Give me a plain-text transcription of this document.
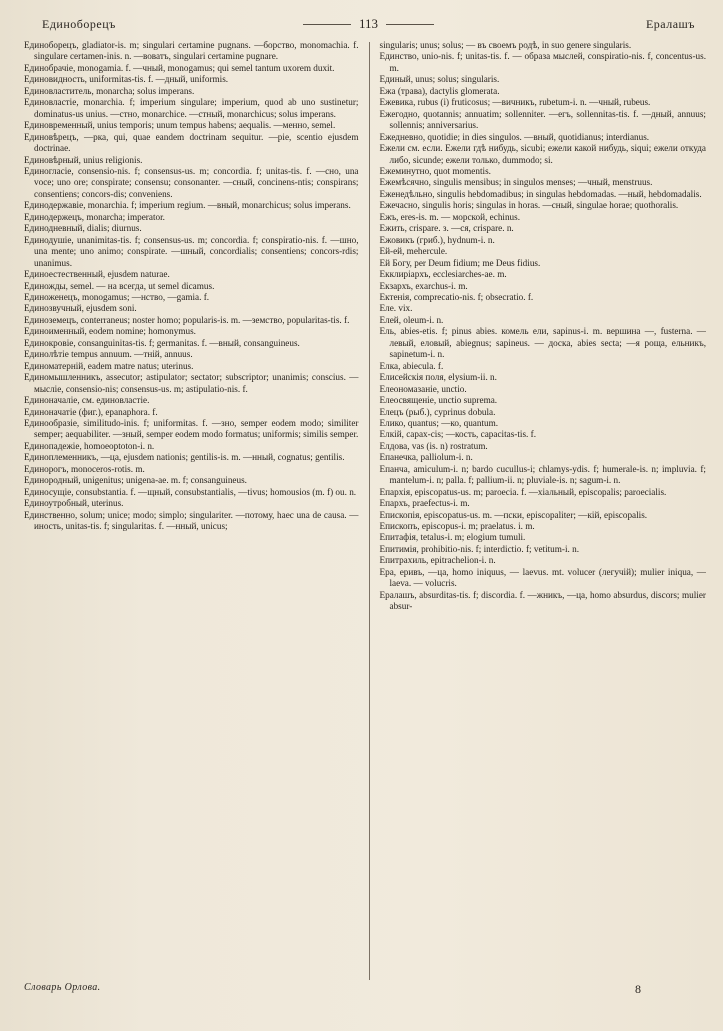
Единоборецъ	113	Ералашъ

Единоборецъ, gladiator-is. m; singulari certamine pugnans. —борство, monomachia. f. singulare certamen-inis. n. —воватъ, singulari certamine pugnare.

Единобрачіе, monogamia. f. —чный, monogamus; qui semel tantum uxorem duxit.

Единовидность, uniformitas-tis. f. —дный, uniformis.

Единовластитель, monarcha; solus imperans.

Единовластіе, monarchia. f; imperium singulare; imperium, quod ab uno sustinetur; dominatus-us unius. —стно, monarchice. —стный, monarchicus; solus imperans.

Единовременный, unius temporis; unum tempus habens; aequalis. —менно, semel.

Единовѣрецъ, —рка, qui, quae eandem doctrinam sequitur. —ріе, scentio ejusdem doctrinae.

Единовѣрный, unius religionis.

Единогласіе, consensio-nis. f; consensus-us. m; concordia. f; unitas-tis. f. —сно, una voce; uno ore; conspirate; consensu; consonanter. —сный, conсinens-ntis; conspirans; consentiens; concors-dis; conveniens.

Единодержавіе, monarchia. f; imperium regium. —вный, monarchicus; solus imperans.

Единодержецъ, monarcha; imperator.

Единодневный, dialis; diurnus.

Единодушіе, unanimitas-tis. f; consensus-us. m; concordia. f; conspiratio-nis. f. —шно, una mente; uno animo; conspirate. —шный, concordialis; consentiens; concors-rdis; unanimus.

Единоестественный, ejusdem naturae.

Единожды, semel. — на всегда, ut semel dicamus.

Единоженецъ, monogamus; —нство, —gamia. f.

Единозвучный, ejusdem soni.

Единоземецъ, conterraneus; noster homo; popularis-is. m. —земство, popularitas-tis. f.

Единоименный, eodem nomine; homonymus.

Единокровіе, consanguinitas-tis. f; germanitas. f. —вный, consanguineus.

Единолѣтіе tempus annuum. —тній, annuus.

Единоматерній, eadem matre natus; uterinus.

Единомышленникъ, assecutor; astipulator; sectator; subscriptor; unanimis; conscius. —мысліе, consensio-nis; consensus-us. m; astipulatio-nis. f.

Единоначаліе, см. единовластіе.

Единоначатіе (фиг.), epanaphora. f.

Единообразіе, similitudo-inis. f; uniformitas. f. —зно, semper eodem modo; similiter semper; aequabiliter. —зный, semper eodem modo formatus; uniformis; similis semper.

Единопадежіе, homoeoptoton-i. n.

Единоплеменникъ, —ца, ejusdem nationis; gentilis-is. m. —нный, cognatus; gentilis.

Единорогъ, monoceros-rotis. m.

Единородный, unigenitus; unigena-ae. m. f; consanguineus.

Единосущіе, consubstantia. f. —щный, consubstantialis, —tivus; homousios (m. f) ou. n.

Единоутробный, uterinus.

Единственно, solum; unice; modo; simplo; singulariter. —потому, haec una de causa. —иность, unitas-tis. f; singularitas. f. —нный, unicus;

singularis; unus; solus; — въ своемъ родѣ, in suo genere singularis.

Единство, unio-nis. f; unitas-tis. f. — образа мыслей, conspiratio-nis. f, concentus-us. m.

Единый, unus; solus; singularis.

Ежа (трава), dactylis glomerata.

Ежевика, rubus (i) fruticosus; —вичникъ, rubetum-i. n. —чный, rubeus.

Ежегодно, quotannis; annuatim; sollenniter. —егъ, sollennitas-tis. f. —дный, annuus; sollennis; anniversarius.

Ежедневно, quotidie; in dies singulos. —вный, quotidianus; interdianus.

Ежели см. если. Ежели гдѣ нибудь, sicubi; ежели какой нибудь, siqui; ежели откуда либо, sicunde; ежели только, dummodo; si.

Ежеминутно, quot momentis.

Ежемѣсячно, singulis mensibus; in singulos menses; —чный, menstruus.

Еженедѣльно, singulis hebdomadibus; in singulas hebdomadas. —ный, hebdomadalis.

Ежечасно, singulis horis; singulas in horas. —сный, singulae horae; quothoralis.

Ежъ, eres-is. m. — морской, echinus.

Ежить, crispare. з. —ся, crispare. n.

Ежовикъ (гриб.), hydnum-i. n.

Ей-ей, mehercule.

Ей Богу, per Deum fidium; me Deus fidius.

Екклиріархъ, ecclesiarches-ae. m.

Екзархъ, exarchus-i. m.

Ектенія, comprecatio-nis. f; obsecratio. f.

Еле. vix.

Елей, oleum-i. n.

Ель, abies-etis. f; pinus abies. комель ели, sapinus-i. m. вершина —, fusterna. —левый, еловый, abiegnus; sapineus. — доска, abies secta; —я роща, ельникъ, sapinetum-i. n.

Елка, abiecula. f.

Елисейскія поля, elysium-ii. n.

Елеономазаніе, unctio.

Елеосвященіе, unctio suprema.

Елецъ (рыб.), cyprinus dobula.

Елико, quantus; —ко, quantum.

Елкій, capax-cis; —кость, capacitas-tis. f.

Елдова, vas (is. n) rostratum.

Епанечка, palliolum-i. n.

Епанча, amiculum-i. n; bardo cucullus-i; chlamys-ydis. f; humerale-is. n; impluvia. f; mantelum-i. n; palla. f; pallium-ii. n; pluviale-is. n; sagum-i. n.

Епархія, episcopatus-us. m; paroecia. f. —хіальный, episcopalis; parоecialis.

Епархъ, praefectus-i. m.

Епископія, episcopatus-us. m. —пски, episcopaliter; —кій, episcopalis.

Епископъ, episcopus-i. m; praelatus. i. m.

Епитафія, tetalus-i. m; elogium tumuli.

Епитимія, prohibitio-nis. f; interdictio. f; vetitum-i. n.

Епитрахиль, epitrachelion-i. n.

Ера, еривъ, —ца, homo iniquus, — laevus. mt. volucer (легучій); mulier iniqua, — laeva. — voluсris.

Ералашъ, absurditas-tis. f; discordia. f. —жникъ, —ца, homo absurdus, discors; mulier absur-

Словарь Орлова.	8
